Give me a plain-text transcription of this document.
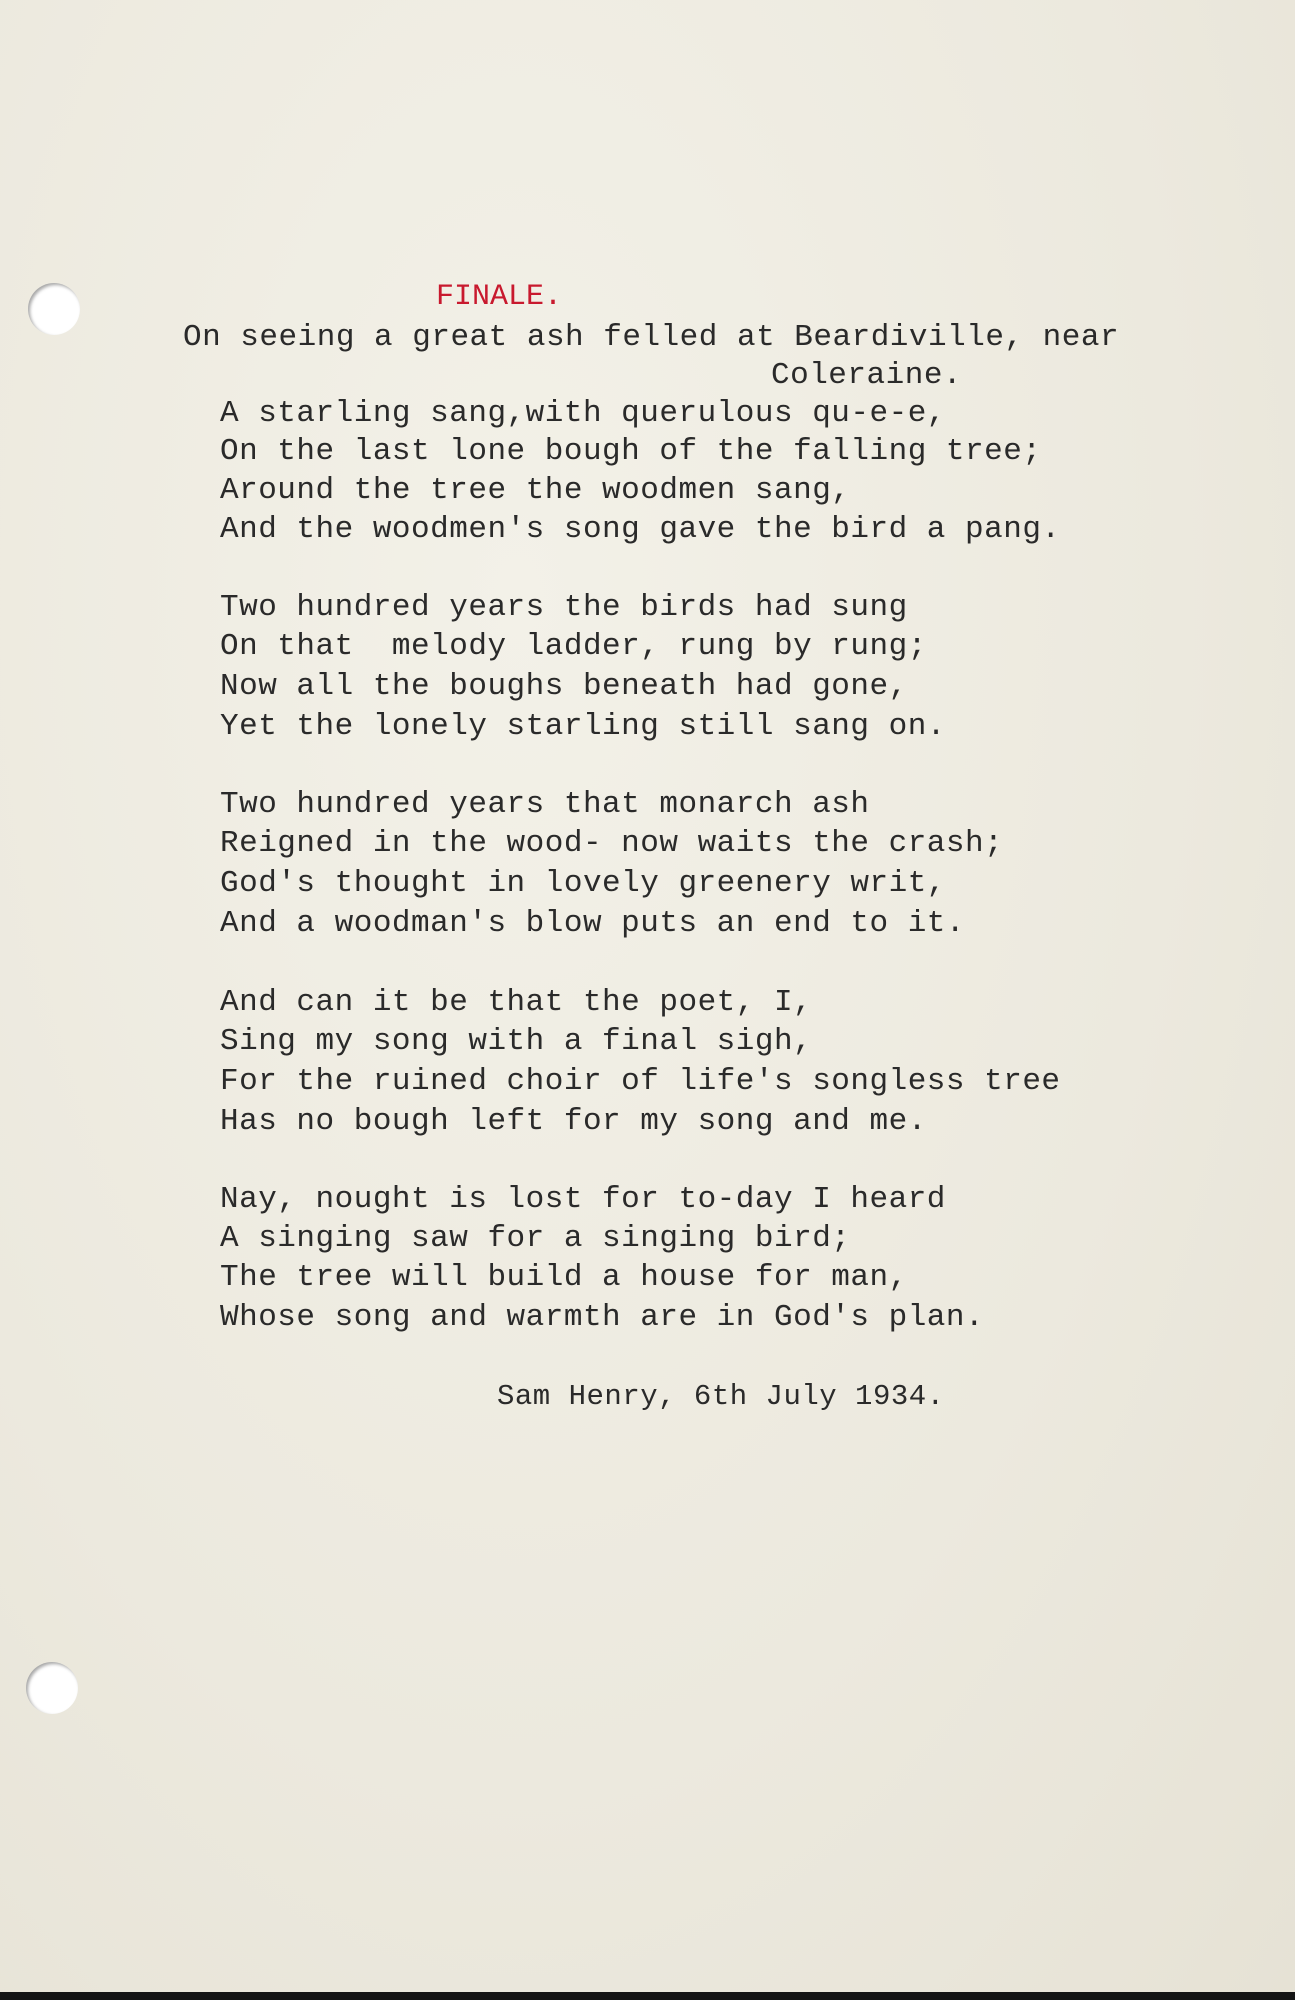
FINALE.
On seeing a great ash felled at Beardiville, near
Coleraine.
A starling sang,with querulous qu-e-e,
On the last lone bough of the falling tree;
Around the tree the woodmen sang,
And the woodmen's song gave the bird a pang.
Two hundred years the birds had sung
On that  melody ladder, rung by rung;
Now all the boughs beneath had gone,
Yet the lonely starling still sang on.
Two hundred years that monarch ash
Reigned in the wood- now waits the crash;
God's thought in lovely greenery writ,
And a woodman's blow puts an end to it.
And can it be that the poet, I,
Sing my song with a final sigh,
For the ruined choir of life's songless tree
Has no bough left for my song and me.
Nay, nought is lost for to-day I heard
A singing saw for a singing bird;
The tree will build a house for man,
Whose song and warmth are in God's plan.
Sam Henry, 6th July 1934.
